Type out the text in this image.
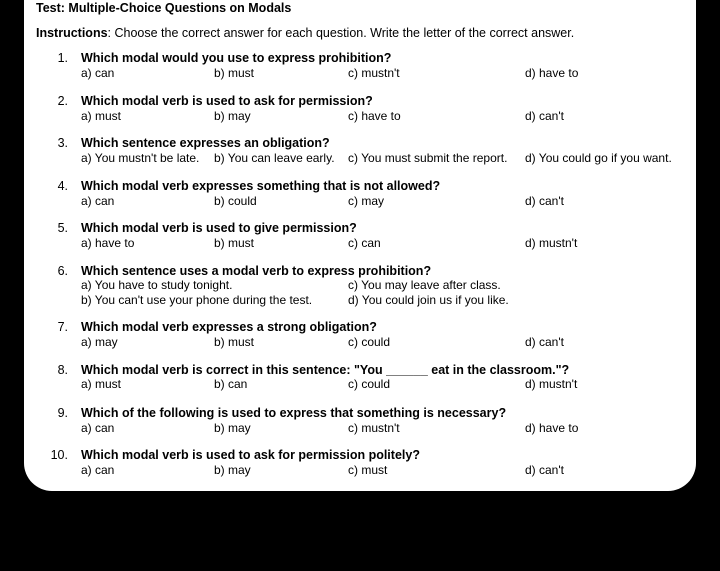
Test: Multiple-Choice Questions on Modals
Instructions: Choose the correct answer for each question. Write the letter of the correct answer.
1. Which modal would you use to express prohibition?
a) can	b) must	c) mustn't	d) have to
2. Which modal verb is used to ask for permission?
a) must	b) may	c) have to	d) can't
3. Which sentence expresses an obligation?
a) You mustn't be late. b) You can leave early. c) You must submit the report. d) You could go if you want.
4. Which modal verb expresses something that is not allowed?
a) can	b) could	c) may	d) can't
5. Which modal verb is used to give permission?
a) have to	b) must	c) can	d) mustn't
6. Which sentence uses a modal verb to express prohibition?
a) You have to study tonight.	c) You may leave after class.
b) You can't use your phone during the test.	d) You could join us if you like.
7. Which modal verb expresses a strong obligation?
a) may	b) must	c) could	d) can't
8. Which modal verb is correct in this sentence: "You ______ eat in the classroom."?
a) must	b) can	c) could	d) mustn't
9. Which of the following is used to express that something is necessary?
a) can	b) may	c) mustn't	d) have to
10. Which modal verb is used to ask for permission politely?
a) can	b) may	c) must	d) can't
